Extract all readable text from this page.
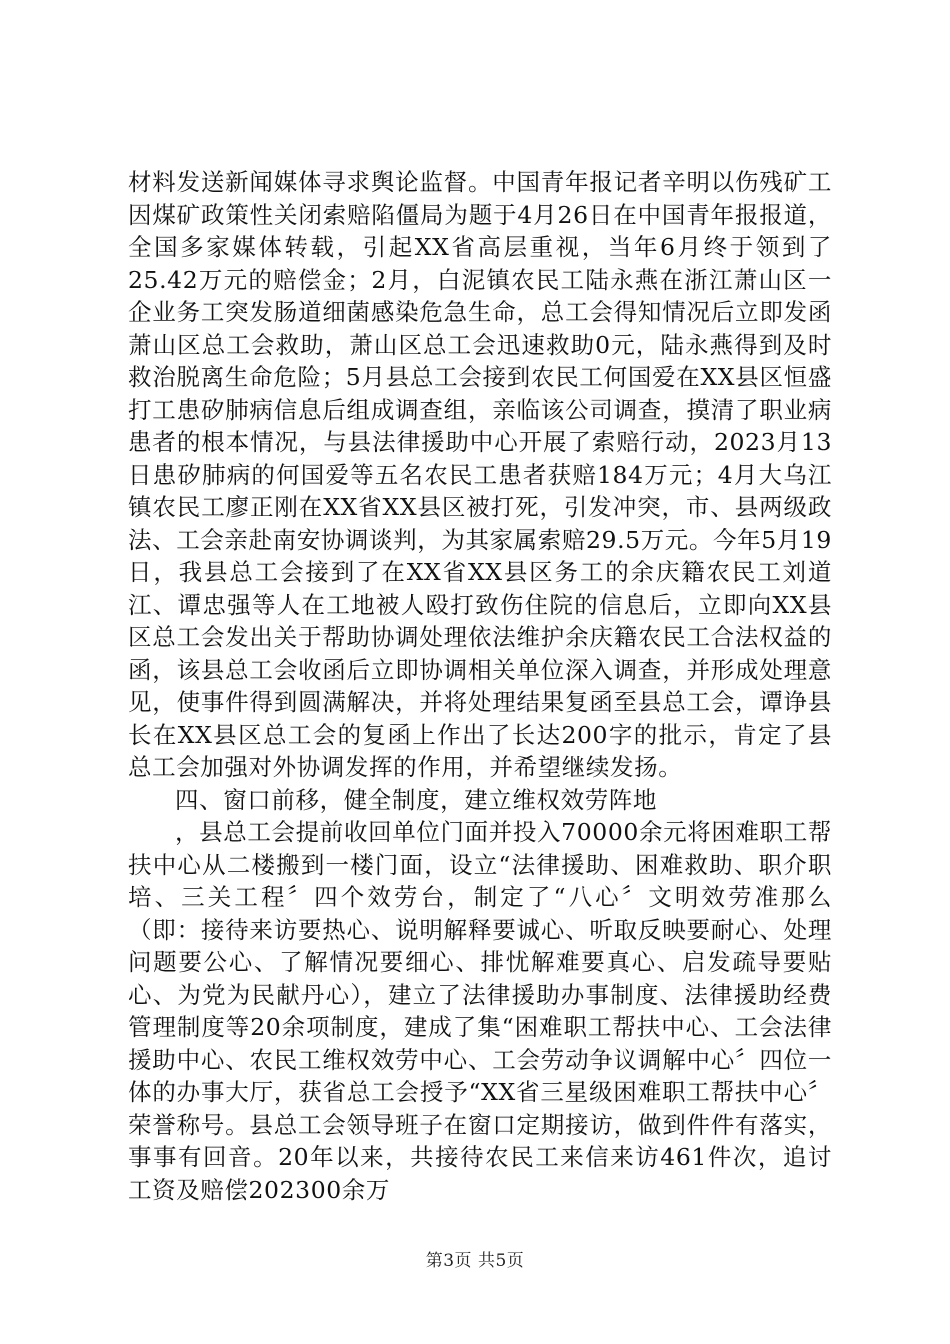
材料发送新闻媒体寻求舆论监督。中国青年报记者辛明以伤残矿工因煤矿政策性关闭索赔陷僵局为题于4月26日在中国青年报报道，全国多家媒体转载，引起XX省高层重视，当年6月终于领到了25.42万元的赔偿金；2月，白泥镇农民工陆永燕在浙江萧山区一企业务工突发肠道细菌感染危急生命，总工会得知情况后立即发函萧山区总工会救助，萧山区总工会迅速救助0元，陆永燕得到及时救治脱离生命危险；5月县总工会接到农民工何国爱在XX县区恒盛打工患矽肺病信息后组成调查组，亲临该公司调查，摸清了职业病患者的根本情况，与县法律援助中心开展了索赔行动，2023月13日患矽肺病的何国爱等五名农民工患者获赔184万元；4月大乌江镇农民工廖正刚在XX省XX县区被打死，引发冲突，市、县两级政法、工会亲赴南安协调谈判，为其家属索赔29.5万元。今年5月19日，我县总工会接到了在XX省XX县区务工的余庆籍农民工刘道江、谭忠强等人在工地被人殴打致伤住院的信息后，立即向XX县区总工会发出关于帮助协调处理依法维护余庆籍农民工合法权益的函，该县总工会收函后立即协调相关单位深入调查，并形成处理意见，使事件得到圆满解决，并将处理结果复函至县总工会，谭诤县长在XX县区总工会的复函上作出了长达200字的批示，肯定了县总工会加强对外协调发挥的作用，并希望继续发扬。

四、窗口前移，健全制度，建立维权效劳阵地

，县总工会提前收回单位门面并投入70000余元将困难职工帮扶中心从二楼搬到一楼门面，设立“法律援助、困难救助、职介职培、三关工程〞四个效劳台，制定了“八心〞文明效劳准那么（即：接待来访要热心、说明解释要诚心、听取反映要耐心、处理问题要公心、了解情况要细心、排忧解难要真心、启发疏导要贴心、为党为民献丹心），建立了法律援助办事制度、法律援助经费管理制度等20余项制度，建成了集“困难职工帮扶中心、工会法律援助中心、农民工维权效劳中心、工会劳动争议调解中心〞四位一体的办事大厅，获省总工会授予“XX省三星级困难职工帮扶中心〞荣誉称号。县总工会领导班子在窗口定期接访，做到件件有落实，事事有回音。20年以来，共接待农民工来信来访461件次，追讨工资及赔偿202300余万

第3页 共5页
